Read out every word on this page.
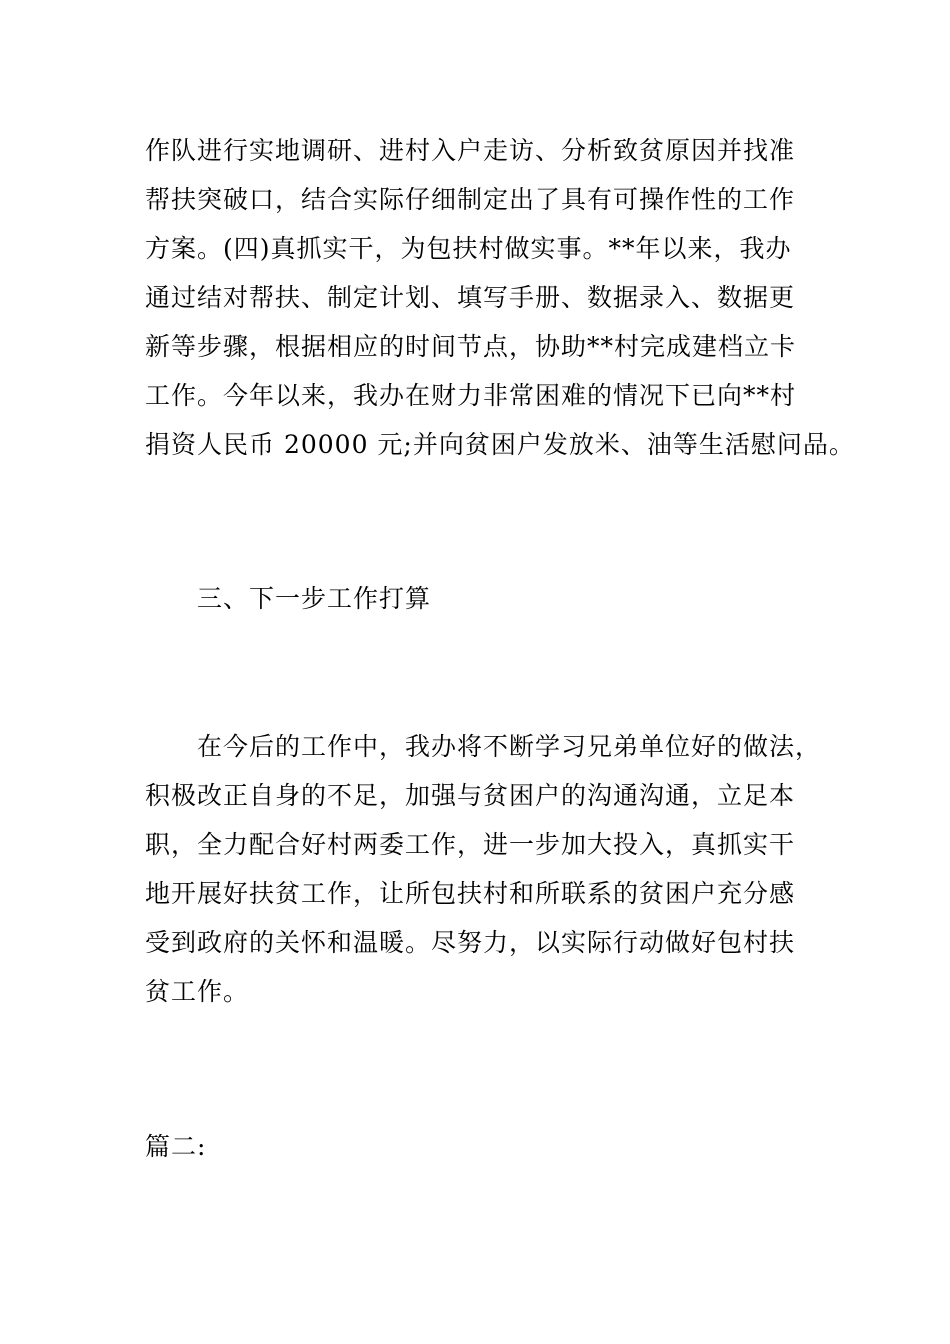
作队进行实地调研、进村入户走访、分析致贫原因并找准
帮扶突破口，结合实际仔细制定出了具有可操作性的工作
方案。(四)真抓实干，为包扶村做实事。**年以来，我办
通过结对帮扶、制定计划、填写手册、数据录入、数据更
新等步骤，根据相应的时间节点，协助**村完成建档立卡
工作。今年以来，我办在财力非常困难的情况下已向**村
捐资人民币 20000 元;并向贫困户发放米、油等生活慰问品。
　　三、下一步工作打算
　　在今后的工作中，我办将不断学习兄弟单位好的做法，
积极改正自身的不足，加强与贫困户的沟通沟通，立足本
职，全力配合好村两委工作，进一步加大投入，真抓实干
地开展好扶贫工作，让所包扶村和所联系的贫困户充分感
受到政府的关怀和温暖。尽努力，以实际行动做好包村扶
贫工作。
篇二:
